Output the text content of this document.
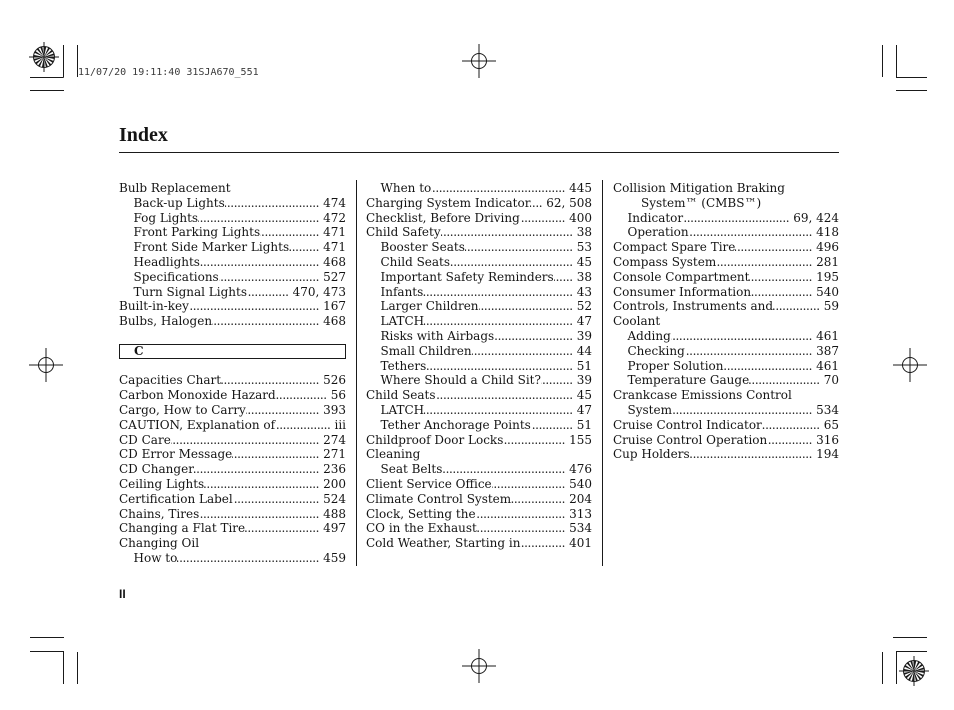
11/07/20 19:11:40 31SJA670_551
Index
Bulb Replacement
Back-up Lights .....	474
Fog Lights .....	472
Front Parking Lights .....	471
Front Side Marker Lights .....	471
Headlights .....	468
Specifications .....	527
Turn Signal Lights .....	470, 473
Built-in-key .....	167
Bulbs, Halogen .....	468
C
Capacities Chart .....	526
Carbon Monoxide Hazard .....	56
Cargo, How to Carry .....	393
CAUTION, Explanation of .....	iii
CD Care .....	274
CD Error Message .....	271
CD Changer .....	236
Ceiling Lights .....	200
Certification Label .....	524
Chains, Tires .....	488
Changing a Flat Tire .....	497
Changing Oil
How to .....	459
When to .....	445
Charging System Indicator ..... 62, 508
Checklist, Before Driving .....	400
Child Safety .....	38
Booster Seats .....	53
Child Seats .....	45
Important Safety Reminders ..... 38
Infants .....	43
Larger Children .....	52
LATCH .....	47
Risks with Airbags .....	39
Small Children .....	44
Tethers .....	51
Where Should a Child Sit? .....	39
Child Seats .....	45
LATCH .....	47
Tether Anchorage Points .....	51
Childproof Door Locks .....	155
Cleaning
Seat Belts .....	476
Client Service Office .....	540
Climate Control System .....	204
Clock, Setting the .....	313
CO in the Exhaust .....	534
Cold Weather, Starting in .....	401
Collision Mitigation Braking
System™ (CMBS™)
Indicator .....	69, 424
Operation .....	418
Compact Spare Tire .....	496
Compass System .....	281
Console Compartment .....	195
Consumer Information .....	540
Controls, Instruments and .....	59
Coolant
Adding .....	461
Checking .....	387
Proper Solution .....	461
Temperature Gauge .....	70
Crankcase Emissions Control
System .....	534
Cruise Control Indicator .....	65
Cruise Control Operation .....	316
Cup Holders .....	194
II
